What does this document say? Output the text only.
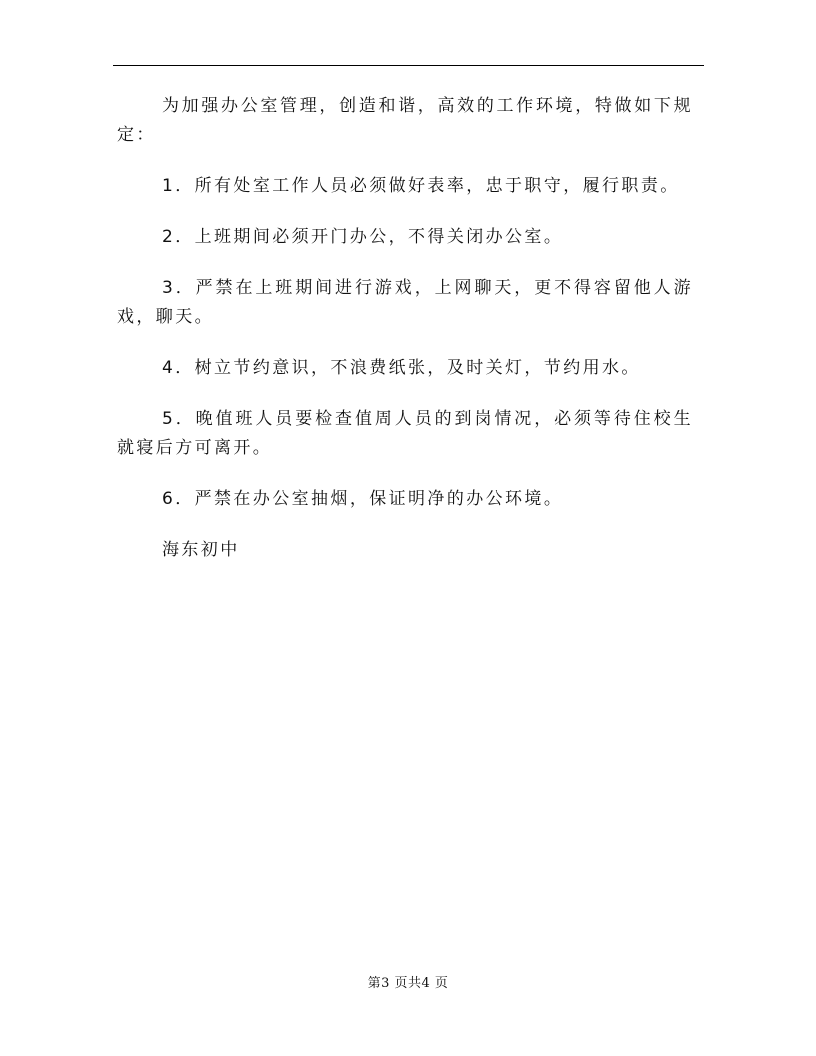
为加强办公室管理，创造和谐，高效的工作环境，特做如下规定：

1．所有处室工作人员必须做好表率，忠于职守，履行职责。

2．上班期间必须开门办公，不得关闭办公室。

3．严禁在上班期间进行游戏，上网聊天，更不得容留他人游戏，聊天。

4．树立节约意识，不浪费纸张，及时关灯，节约用水。

5．晚值班人员要检查值周人员的到岗情况，必须等待住校生就寝后方可离开。

6．严禁在办公室抽烟，保证明净的办公环境。

海东初中

第3 页共4 页
